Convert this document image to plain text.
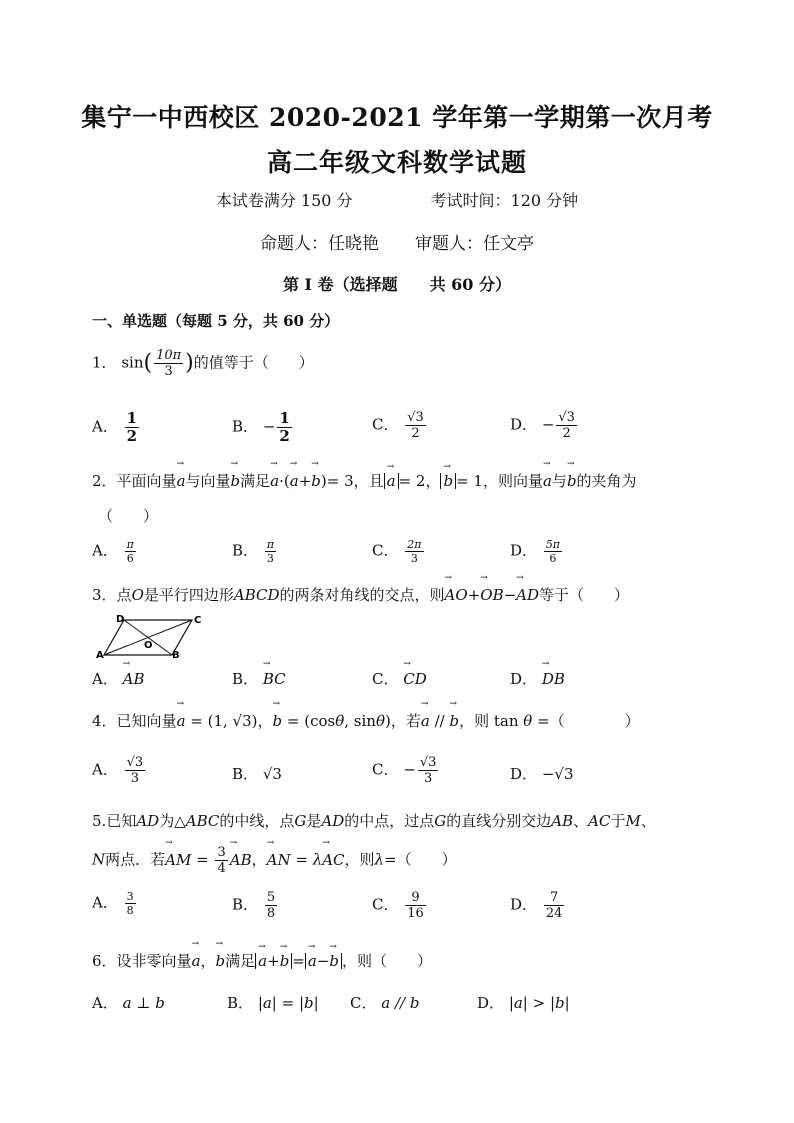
集宁一中西校区 2020-2021 学年第一学期第一次月考
高二年级文科数学试题
本试卷满分 150 分	考试时间：120 分钟
命题人：任晓艳 审题人：任文亭
第 I 卷（选择题　　共 60 分）
一、单选题（每题 5 分，共 60 分）
1． $\sin( \frac{10\pi}{3}$ )的值等于（　　）
A． $\frac{1}{2}$	B． − $\frac{1}{2}$	C． $\frac{√3}{2}$	D． − $\frac{√3}{2}$
2．平面向量→ a与向量→ b满足→ a·(→ a+→ b)= 3，且 → a = 2， → b = 1，则向量→ a与→ b的夹角为
（　　）
A． $\frac{\pi}{6}$	B． $\frac{\pi}{3}$	C． $\frac{2\pi}{3}$	D． $\frac{5\pi}{6}$
3．点O是平行四边形ABCD的两条对角线的交点，则→ AO+→ OB−→ AD等于（　　）
A	B
C
D
O
A． → AB	B． → BC	C． → CD	D． → DB
4．已知向量→ a = (1, √3)，→ b = (cosθ, sinθ)，若→ a // → b，则 tan θ =（　　　　）
A． $\frac{√3}{3}$	B． √3	C． − $\frac{√3}{3}$	D． −√3
5.已知AD为△ABC的中线，点G是AD的中点，过点G的直线分别交边AB、AC于M、
N两点．若→ AM = $\frac{3}{4}$ → AB，→ AN = λ→ AC，则λ=（　　）
A． $\frac{3}{8}$	B． $\frac{5}{8}$	C． $\frac{9}{16}$	D． $\frac{7}{24}$
6．设非零向量→ a，→ b满足 → a+→ b = → a−→ b ，则（　　）
A． a ⊥ b	B． |a| = |b| C． a // b	D． |a| > |b|
